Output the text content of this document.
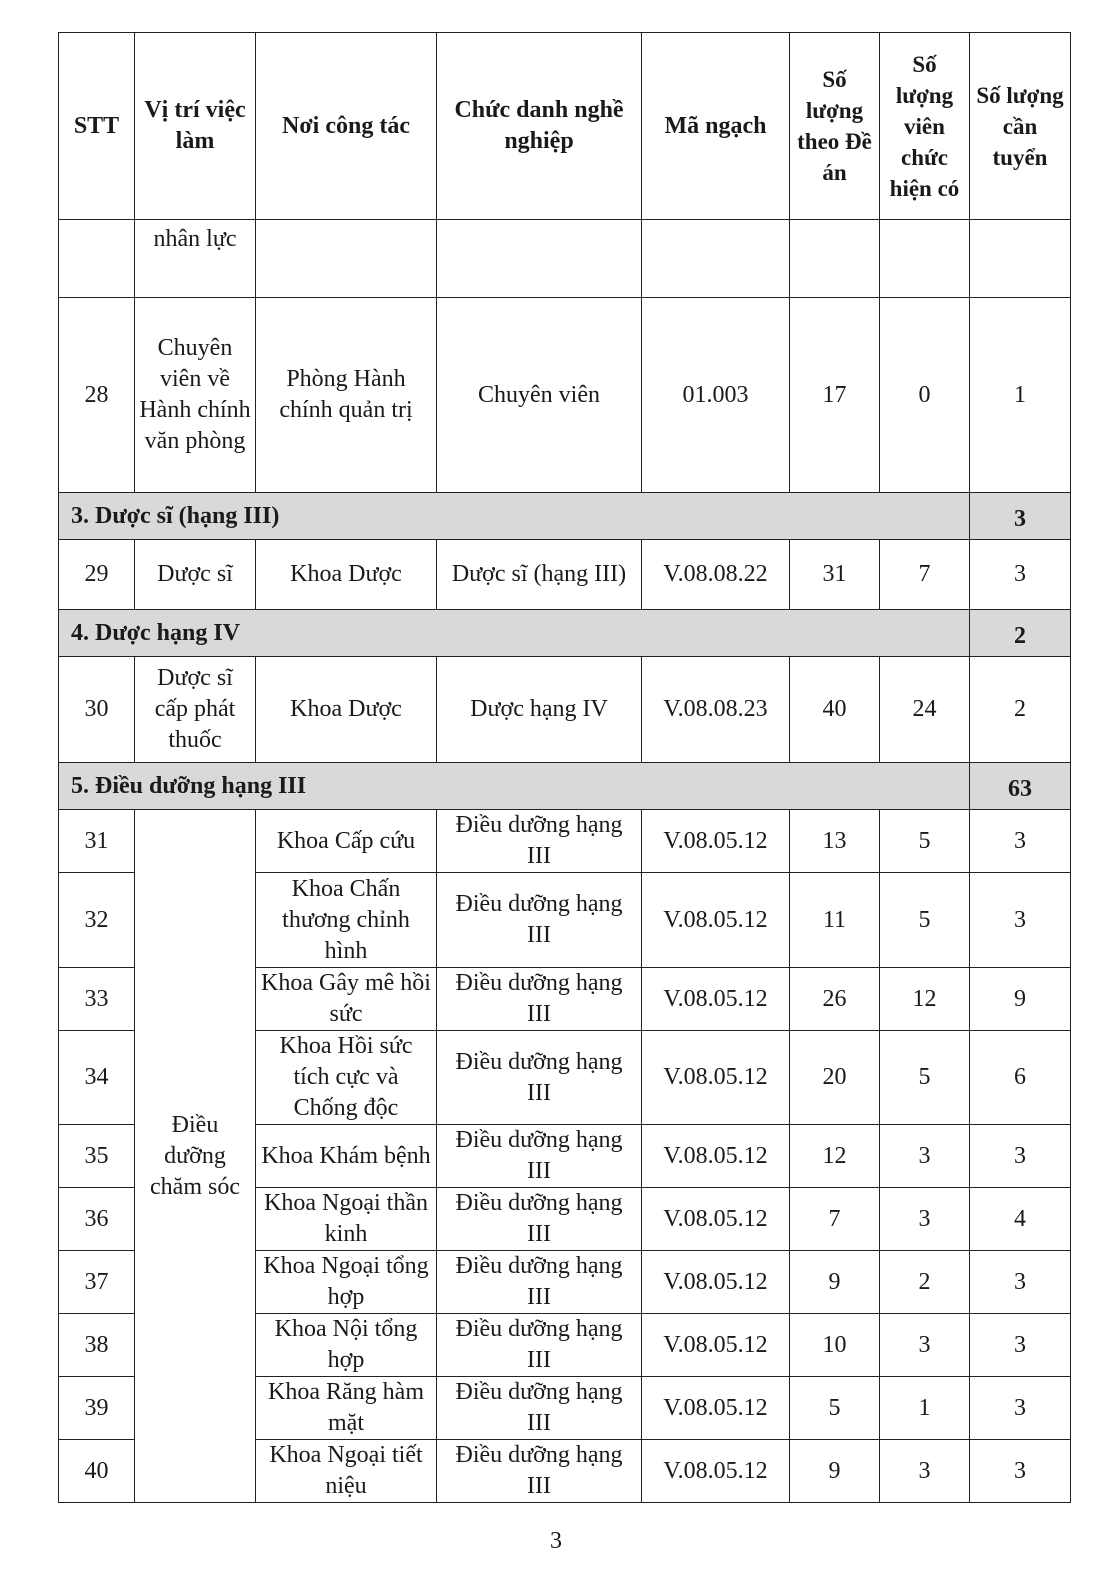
STT	Vị trí việc làm	Nơi công tác	Chức danh nghề nghiệp	Mã ngạch	Số lượng theo Đề án	Số lượng viên chức hiện có	Số lượng cần tuyển
	nhân lực						
28	Chuyên viên về Hành chính văn phòng	Phòng Hành chính quản trị	Chuyên viên	01.003	17	0	1
3. Dược sĩ (hạng III)							3
29	Dược sĩ	Khoa Dược	Dược sĩ (hạng III)	V.08.08.22	31	7	3
4. Dược hạng IV							2
30	Dược sĩ cấp phát thuốc	Khoa Dược	Dược hạng IV	V.08.08.23	40	24	2
5. Điều dưỡng hạng III							63
31	Điều dưỡng chăm sóc	Khoa Cấp cứu	Điều dưỡng hạng III	V.08.05.12	13	5	3
32		Khoa Chấn thương chỉnh hình	Điều dưỡng hạng III	V.08.05.12	11	5	3
33		Khoa Gây mê hồi sức	Điều dưỡng hạng III	V.08.05.12	26	12	9
34		Khoa Hồi sức tích cực và Chống độc	Điều dưỡng hạng III	V.08.05.12	20	5	6
35		Khoa Khám bệnh	Điều dưỡng hạng III	V.08.05.12	12	3	3
36		Khoa Ngoại thần kinh	Điều dưỡng hạng III	V.08.05.12	7	3	4
37		Khoa Ngoại tổng hợp	Điều dưỡng hạng III	V.08.05.12	9	2	3
38		Khoa Nội tổng hợp	Điều dưỡng hạng III	V.08.05.12	10	3	3
39		Khoa Răng hàm mặt	Điều dưỡng hạng III	V.08.05.12	5	1	3
40		Khoa Ngoại tiết niệu	Điều dưỡng hạng III	V.08.05.12	9	3	3
3
